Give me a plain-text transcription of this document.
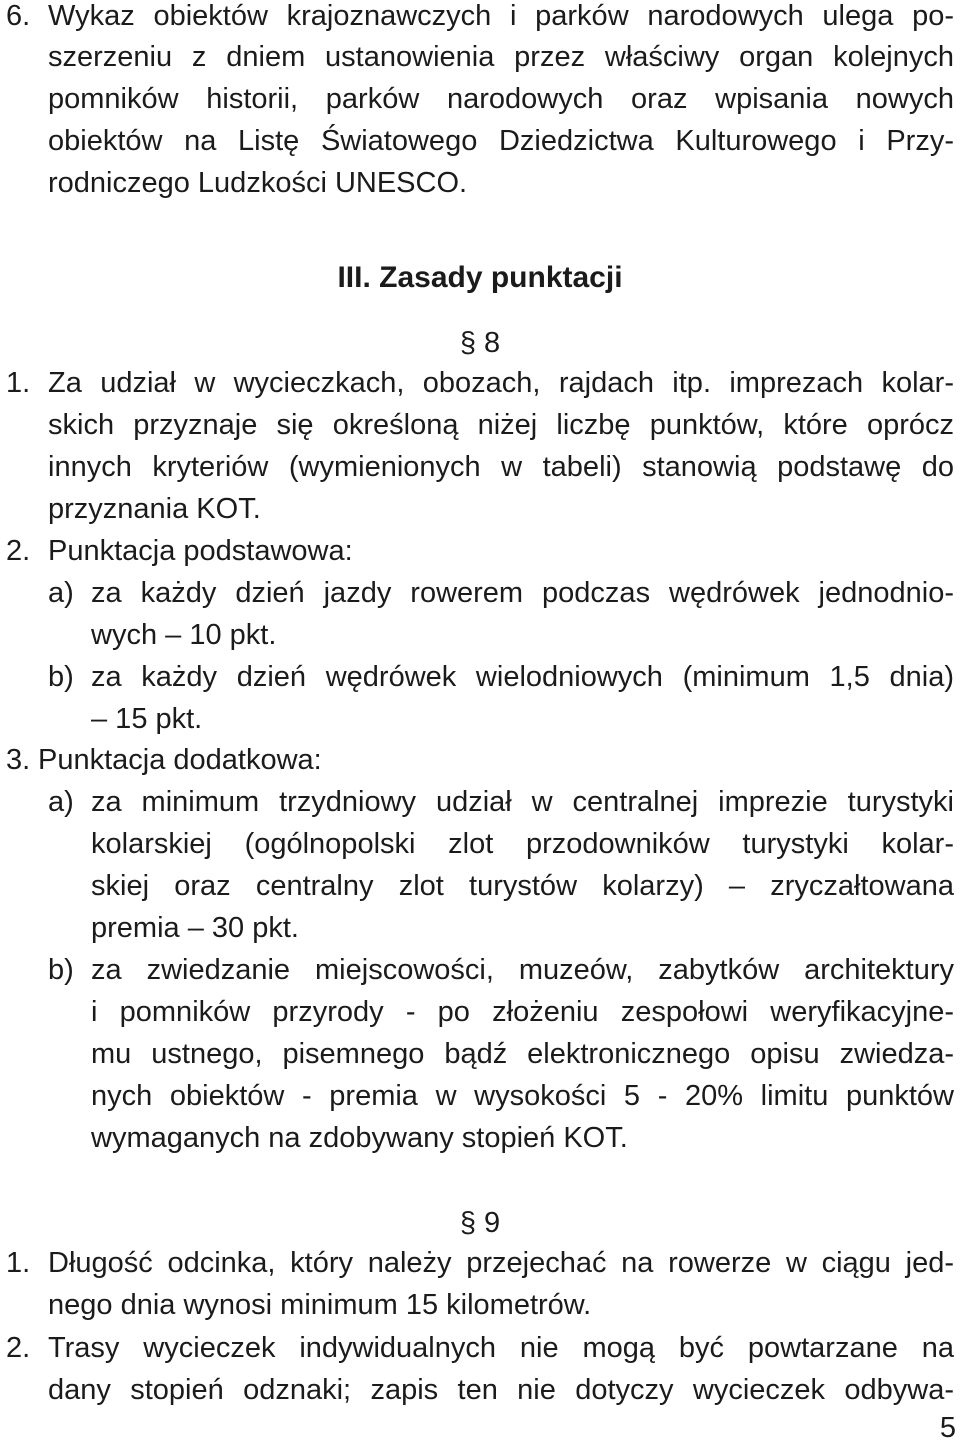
6. Wykaz obiektów krajoznawczych i parków narodowych ulega po-
szerzeniu z dniem ustanowienia przez właściwy organ kolejnych
pomników historii, parków narodowych oraz wpisania nowych
obiektów na Listę Światowego Dziedzictwa Kulturowego i Przy-
rodniczego Ludzkości UNESCO.
III. Zasady punktacji
§ 8
1. Za udział w wycieczkach, obozach, rajdach itp. imprezach kolar-
skich przyznaje się określoną niżej liczbę punktów, które oprócz
innych kryteriów (wymienionych w tabeli) stanowią podstawę do
przyznania KOT.
2. Punktacja podstawowa:
a) za każdy dzień jazdy rowerem podczas wędrówek jednodnio-
wych – 10 pkt.
b) za każdy dzień wędrówek wielodniowych (minimum 1,5 dnia)
– 15 pkt.
3. Punktacja dodatkowa:
a) za minimum trzydniowy udział w centralnej imprezie turystyki
kolarskiej (ogólnopolski zlot przodowników turystyki kolar-
skiej oraz centralny zlot turystów kolarzy) – zryczałtowana
premia – 30 pkt.
b) za zwiedzanie miejscowości, muzeów, zabytków architektury
i pomników przyrody - po złożeniu zespołowi weryfikacyjne-
mu ustnego, pisemnego bądź elektronicznego opisu zwiedza-
nych obiektów - premia w wysokości 5 - 20% limitu punktów
wymaganych na zdobywany stopień KOT.
§ 9
1. Długość odcinka, który należy przejechać na rowerze w ciągu jed-
nego dnia wynosi minimum 15 kilometrów.
2. Trasy wycieczek indywidualnych nie mogą być powtarzane na
dany stopień odznaki; zapis ten nie dotyczy wycieczek odbywa-
5
